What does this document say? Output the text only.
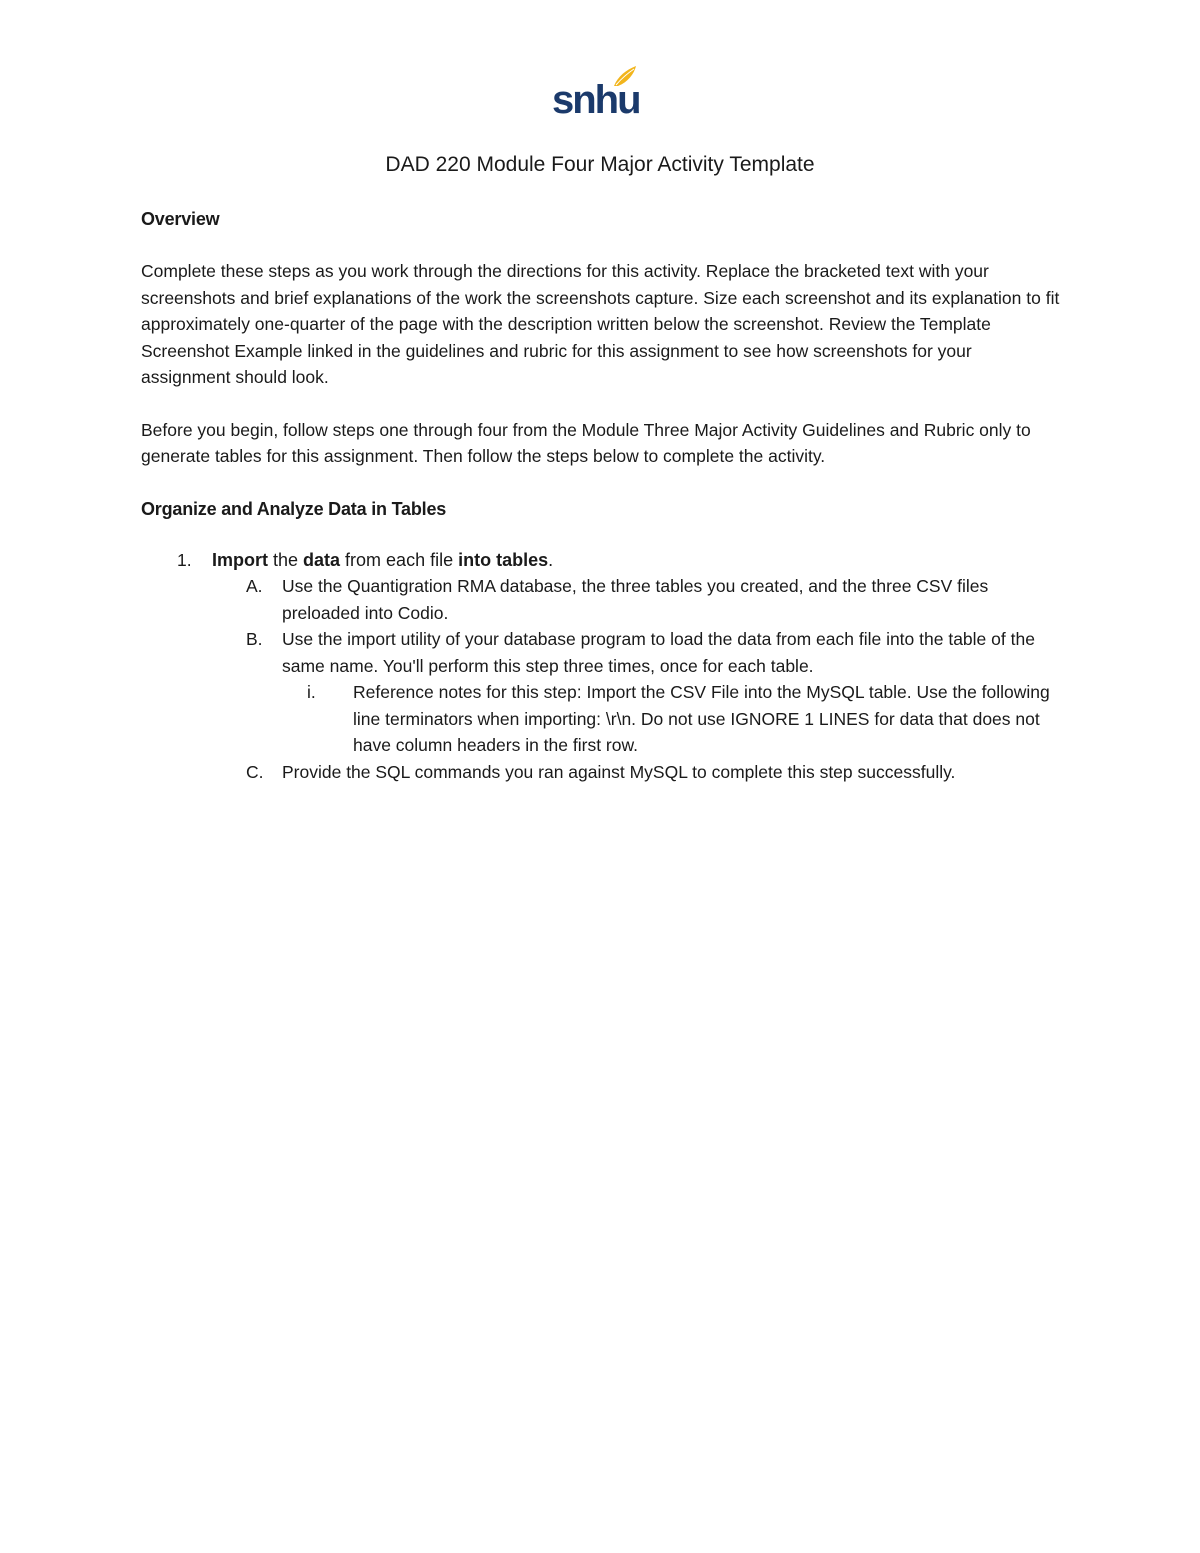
snhu
DAD 220 Module Four Major Activity Template
Overview

Complete these steps as you work through the directions for this activity. Replace the bracketed text with your screenshots and brief explanations of the work the screenshots capture. Size each screenshot and its explanation to fit approximately one-quarter of the page with the description written below the screenshot. Review the Template Screenshot Example linked in the guidelines and rubric for this assignment to see how screenshots for your assignment should look.

Before you begin, follow steps one through four from the Module Three Major Activity Guidelines and Rubric only to generate tables for this assignment. Then follow the steps below to complete the activity.

Organize and Analyze Data in Tables
1. Import the data from each file into tables.
A. Use the Quantigration RMA database, the three tables you created, and the three CSV files preloaded into Codio.
B. Use the import utility of your database program to load the data from each file into the table of the same name. You'll perform this step three times, once for each table.
i. Reference notes for this step: Import the CSV File into the MySQL table. Use the following line terminators when importing: \r\n. Do not use IGNORE 1 LINES for data that does not have column headers in the first row.
C. Provide the SQL commands you ran against MySQL to complete this step successfully.
